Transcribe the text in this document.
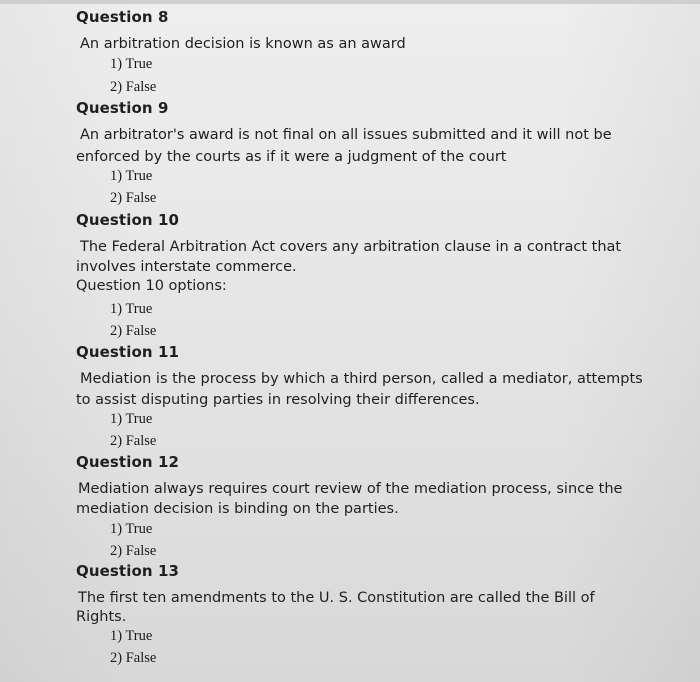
Question 8
An arbitration decision is known as an award
1) True
2) False
Question 9
An arbitrator's award is not final on all issues submitted and it will not be
enforced by the courts as if it were a judgment of the court
1) True
2) False
Question 10
The Federal Arbitration Act covers any arbitration clause in a contract that
involves interstate commerce.
Question 10 options:
1) True
2) False
Question 11
Mediation is the process by which a third person, called a mediator, attempts
to assist disputing parties in resolving their differences.
1) True
2) False
Question 12
Mediation always requires court review of the mediation process, since the
mediation decision is binding on the parties.
1) True
2) False
Question 13
The first ten amendments to the U. S. Constitution are called the Bill of
Rights.
1) True
2) False
